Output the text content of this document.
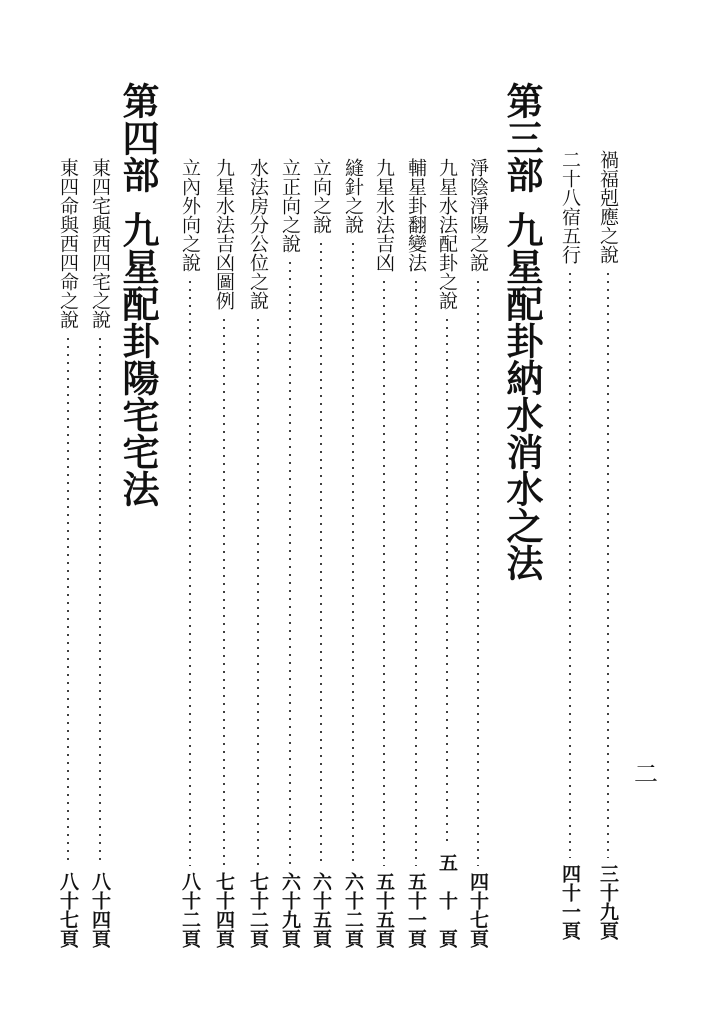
二
第三部九星配卦納水消水之法
第四部九星配卦陽宅宅法
禍福剋應之說
三十九頁
二十八宿五行
四十一頁
淨陰淨陽之說
四十七頁
九星水法配卦之說
五　十　頁
輔星卦翻變法
五十一頁
九星水法吉凶
五十五頁
縫針之說
六十二頁
立向之說
六十五頁
立正向之說
六十九頁
水法房分公位之說
七十二頁
九星水法吉凶圖例
七十四頁
立內外向之說
八十二頁
東四宅與西四宅之說
八十四頁
東四命與西四命之說
八十七頁
